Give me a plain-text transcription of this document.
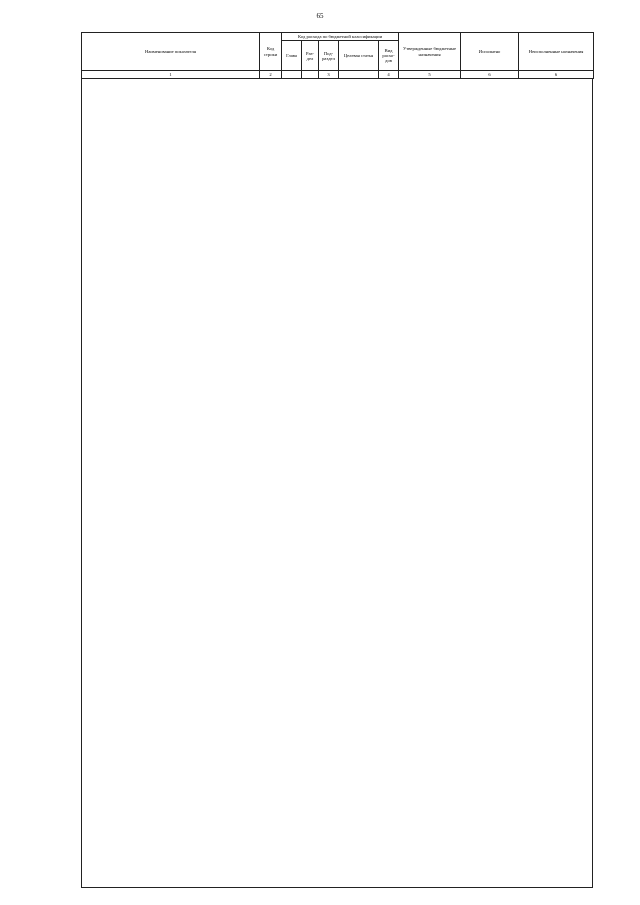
65
Наименование показателя	Код строки	Код расхода по бюджетной классификации					Утвержденные бюджетные назначения	Исполнено	Неисполненные назначения
		Глава	Раз-дел	Под-раздел	Целевая статья	Вид расхо-дов			
1	2			3		4	5	6	6
